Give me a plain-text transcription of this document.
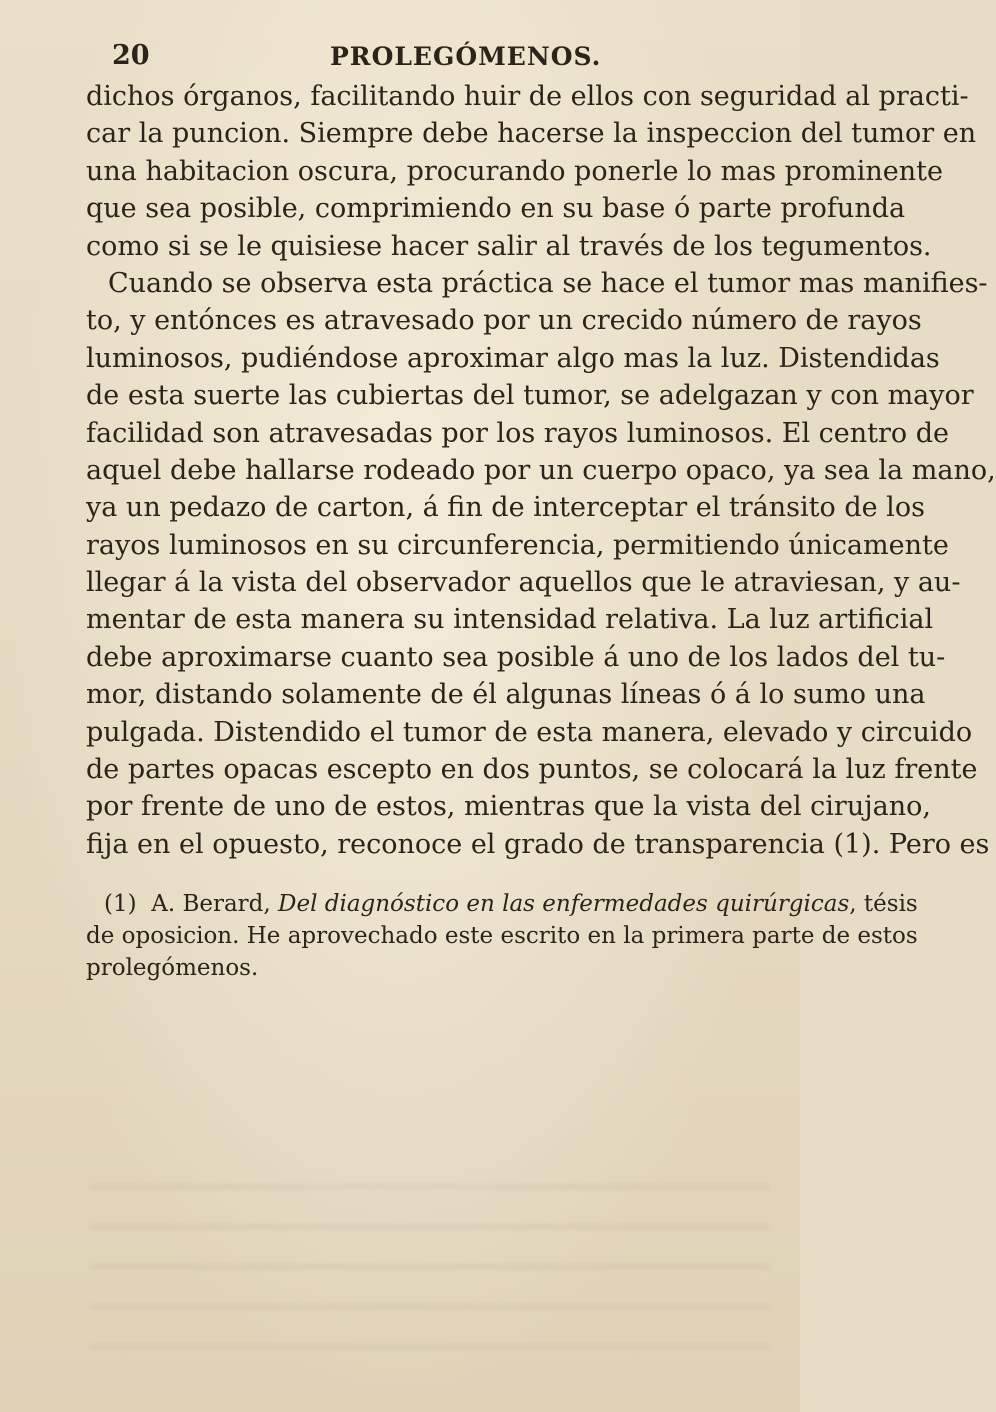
20	PROLEGÓMENOS.
dichos órganos, facilitando huir de ellos con seguridad al practi-
car la puncion. Siempre debe hacerse la inspeccion del tumor en
una habitacion oscura, procurando ponerle lo mas prominente
que sea posible, comprimiendo en su base ó parte profunda
como si se le quisiese hacer salir al través de los tegumentos.
Cuando se observa esta práctica se hace el tumor mas manifies-
to, y entónces es atravesado por un crecido número de rayos
luminosos, pudiéndose aproximar algo mas la luz. Distendidas
de esta suerte las cubiertas del tumor, se adelgazan y con mayor
facilidad son atravesadas por los rayos luminosos. El centro de
aquel debe hallarse rodeado por un cuerpo opaco, ya sea la mano,
ya un pedazo de carton, á fin de interceptar el tránsito de los
rayos luminosos en su circunferencia, permitiendo únicamente
llegar á la vista del observador aquellos que le atraviesan, y au-
mentar de esta manera su intensidad relativa. La luz artificial
debe aproximarse cuanto sea posible á uno de los lados del tu-
mor, distando solamente de él algunas líneas ó á lo sumo una
pulgada. Distendido el tumor de esta manera, elevado y circuido
de partes opacas escepto en dos puntos, se colocará la luz frente
por frente de uno de estos, mientras que la vista del cirujano,
fija en el opuesto, reconoce el grado de transparencia (1). Pero es
(1) A. Berard, Del diagnóstico en las enfermedades quirúrgicas, tésis
de oposicion. He aprovechado este escrito en la primera parte de estos
prolegómenos.
